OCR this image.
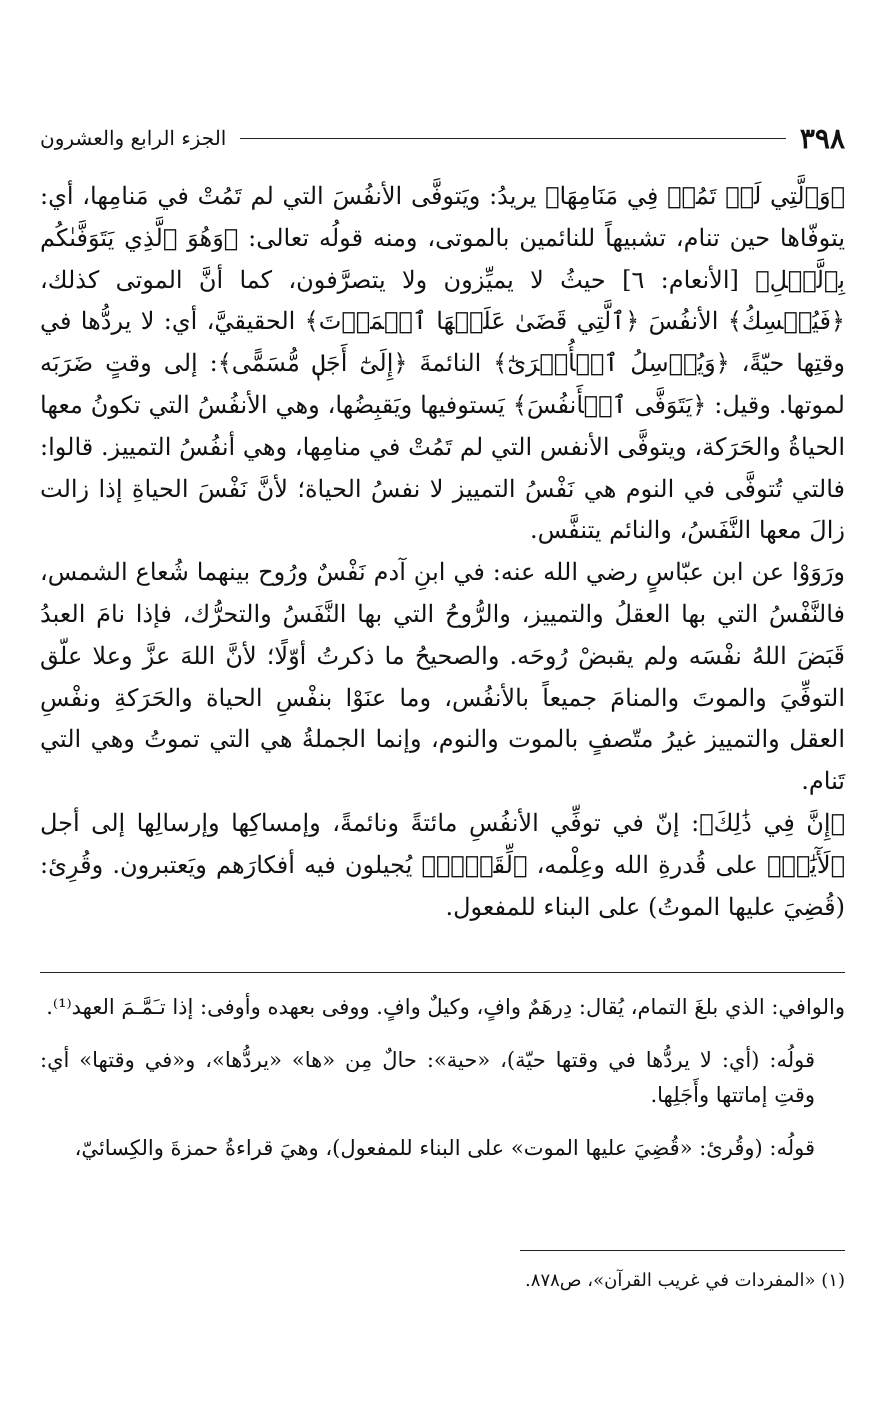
٣٩٨
الجزء الرابع والعشرون

﴿وَٱلَّتِي لَمۡ تَمُتۡ فِي مَنَامِهَا﴾ يريدُ: ويَتوفَّى الأنفُسَ التي لم تَمُتْ في مَنامِها، أي: يتوفّاها حين تنام، تشبيهاً للنائمين بالموتى، ومنه قولُه تعالى: ﴿وَهُوَ ٱلَّذِي يَتَوَفَّىٰكُم بِٱلَّيۡلِ﴾ [الأنعام: ٦] حيثُ لا يميِّزون ولا يتصرَّفون، كما أنَّ الموتى كذلك، ﴿فَيُمۡسِكُ﴾ الأنفُسَ ﴿ٱلَّتِي قَضَىٰ عَلَيۡهَا ٱلۡمَوۡتَ﴾ الحقيقيَّ، أي: لا يردُّها في وقتِها حيّةً، ﴿وَيُرۡسِلُ ٱلۡأُخۡرَىٰٓ﴾ النائمةَ ﴿إِلَىٰٓ أَجَلٖ مُّسَمًّى﴾: إلى وقتٍ ضَرَبَه لموتها. وقيل: ﴿يَتَوَفَّى ٱلۡأَنفُسَ﴾ يَستوفيها ويَقبِضُها، وهي الأنفُسُ التي تكونُ معها الحياةُ والحَرَكة، ويتوفَّى الأنفس التي لم تَمُتْ في منامِها، وهي أنفُسُ التمييز. قالوا: فالتي تُتوفَّى في النوم هي نَفْسُ التمييز لا نفسُ الحياة؛ لأنَّ نَفْسَ الحياةِ إذا زالت زالَ معها النَّفَسُ، والنائم يتنفَّس.

ورَوَوْا عن ابن عبّاسٍ رضي الله عنه: في ابنِ آدم نَفْسٌ ورُوح بينهما شُعاع الشمس، فالنَّفْسُ التي بها العقلُ والتمييز، والرُّوحُ التي بها النَّفَسُ والتحرُّك، فإذا نامَ العبدُ قَبَضَ اللهُ نفْسَه ولم يقبضْ رُوحَه. والصحيحُ ما ذكرتُ أوّلًا؛ لأنَّ اللهَ عزَّ وعلا علّق التوفِّيَ والموتَ والمنامَ جميعاً بالأنفُس، وما عنَوْا بنفْسِ الحياة والحَرَكةِ ونفْسِ العقل والتمييز غيرُ متّصفٍ بالموت والنوم، وإنما الجملةُ هي التي تموتُ وهي التي تَنام.

﴿إِنَّ فِي ذَٰلِكَ﴾: إنّ في توفِّي الأنفُسِ مائتةً ونائمةً، وإمساكِها وإرسالِها إلى أجل ﴿لَأٓيَٰتٖ﴾ على قُدرةِ الله وعِلْمه، ﴿لِّقَوۡمٖ﴾ يُجيلون فيه أفكارَهم ويَعتبرون. وقُرِئ: (قُضِيَ عليها الموتُ) على البناء للمفعول.

والوافي: الذي بلغَ التمام، يُقال: دِرهَمٌ وافٍ، وكيلٌ وافٍ. ووفى بعهده وأوفى: إذا تـَمَّـمَ العهد⁽¹⁾.

قولُه: (أي: لا يردُّها في وقتها حيّة)، «حية»: حالٌ مِن «ها» «يردُّها»، و«في وقتها» أي: وقتِ إماتتها وأَجَلِها.

قولُه: (وقُرئ: «قُضِيَ عليها الموت» على البناء للمفعول)، وهيَ قراءةُ حمزةَ والكِسائيّ،

(١) «المفردات في غريب القرآن»، ص٨٧٨.
